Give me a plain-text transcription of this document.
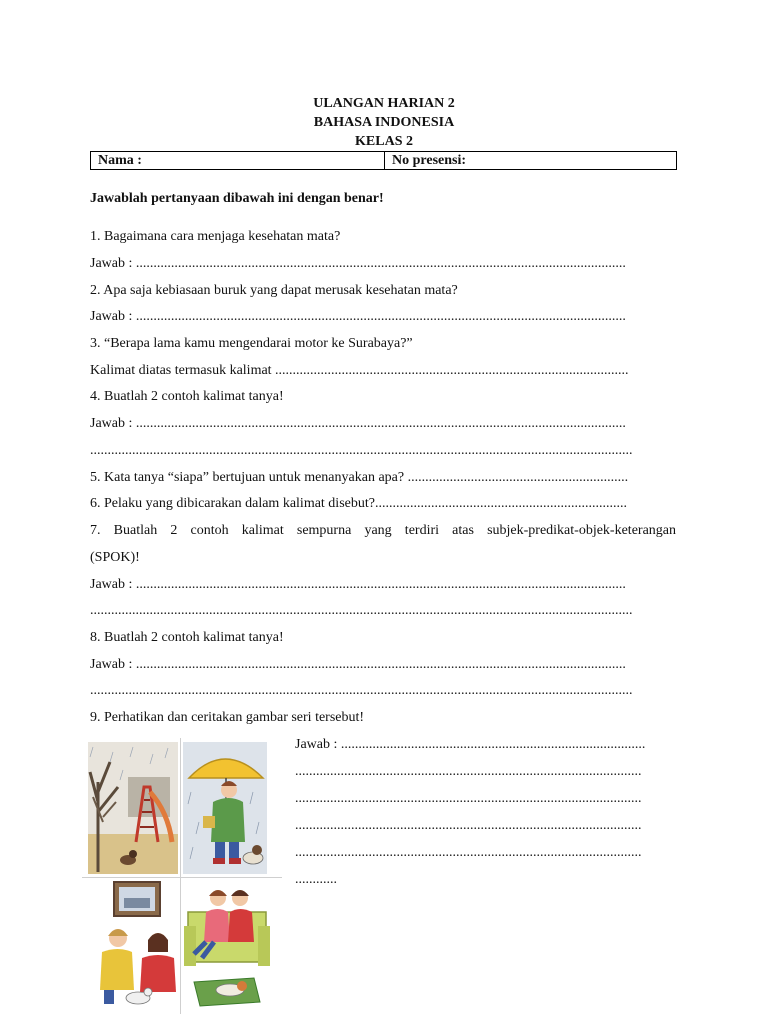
ULANGAN HARIAN 2
BAHASA INDONESIA
KELAS 2
Nama :	No presensi:
Jawablah pertanyaan dibawah ini dengan benar!
1. Bagaimana cara menjaga kesehatan mata?
Jawab : ............................................................................................................................................
2. Apa saja kebiasaan buruk yang dapat merusak kesehatan mata?
Jawab : ............................................................................................................................................
3. “Berapa lama kamu mengendarai motor ke Surabaya?”
Kalimat diatas termasuk kalimat .....................................................................................................
4. Buatlah 2 contoh kalimat tanya!
Jawab : ............................................................................................................................................
...........................................................................................................................................................
5. Kata tanya “siapa” bertujuan untuk menanyakan apa? ...............................................................
6. Pelaku yang dibicarakan dalam kalimat disebut?........................................................................
7. Buatlah 2 contoh kalimat sempurna yang terdiri atas subjek-predikat-objek-keterangan
(SPOK)!
Jawab : ............................................................................................................................................
...........................................................................................................................................................
8. Buatlah 2 contoh kalimat tanya!
Jawab : ............................................................................................................................................
...........................................................................................................................................................
9. Perhatikan dan ceritakan gambar seri tersebut!
Jawab : .......................................................................................
...................................................................................................
...................................................................................................
...................................................................................................
...................................................................................................
............
